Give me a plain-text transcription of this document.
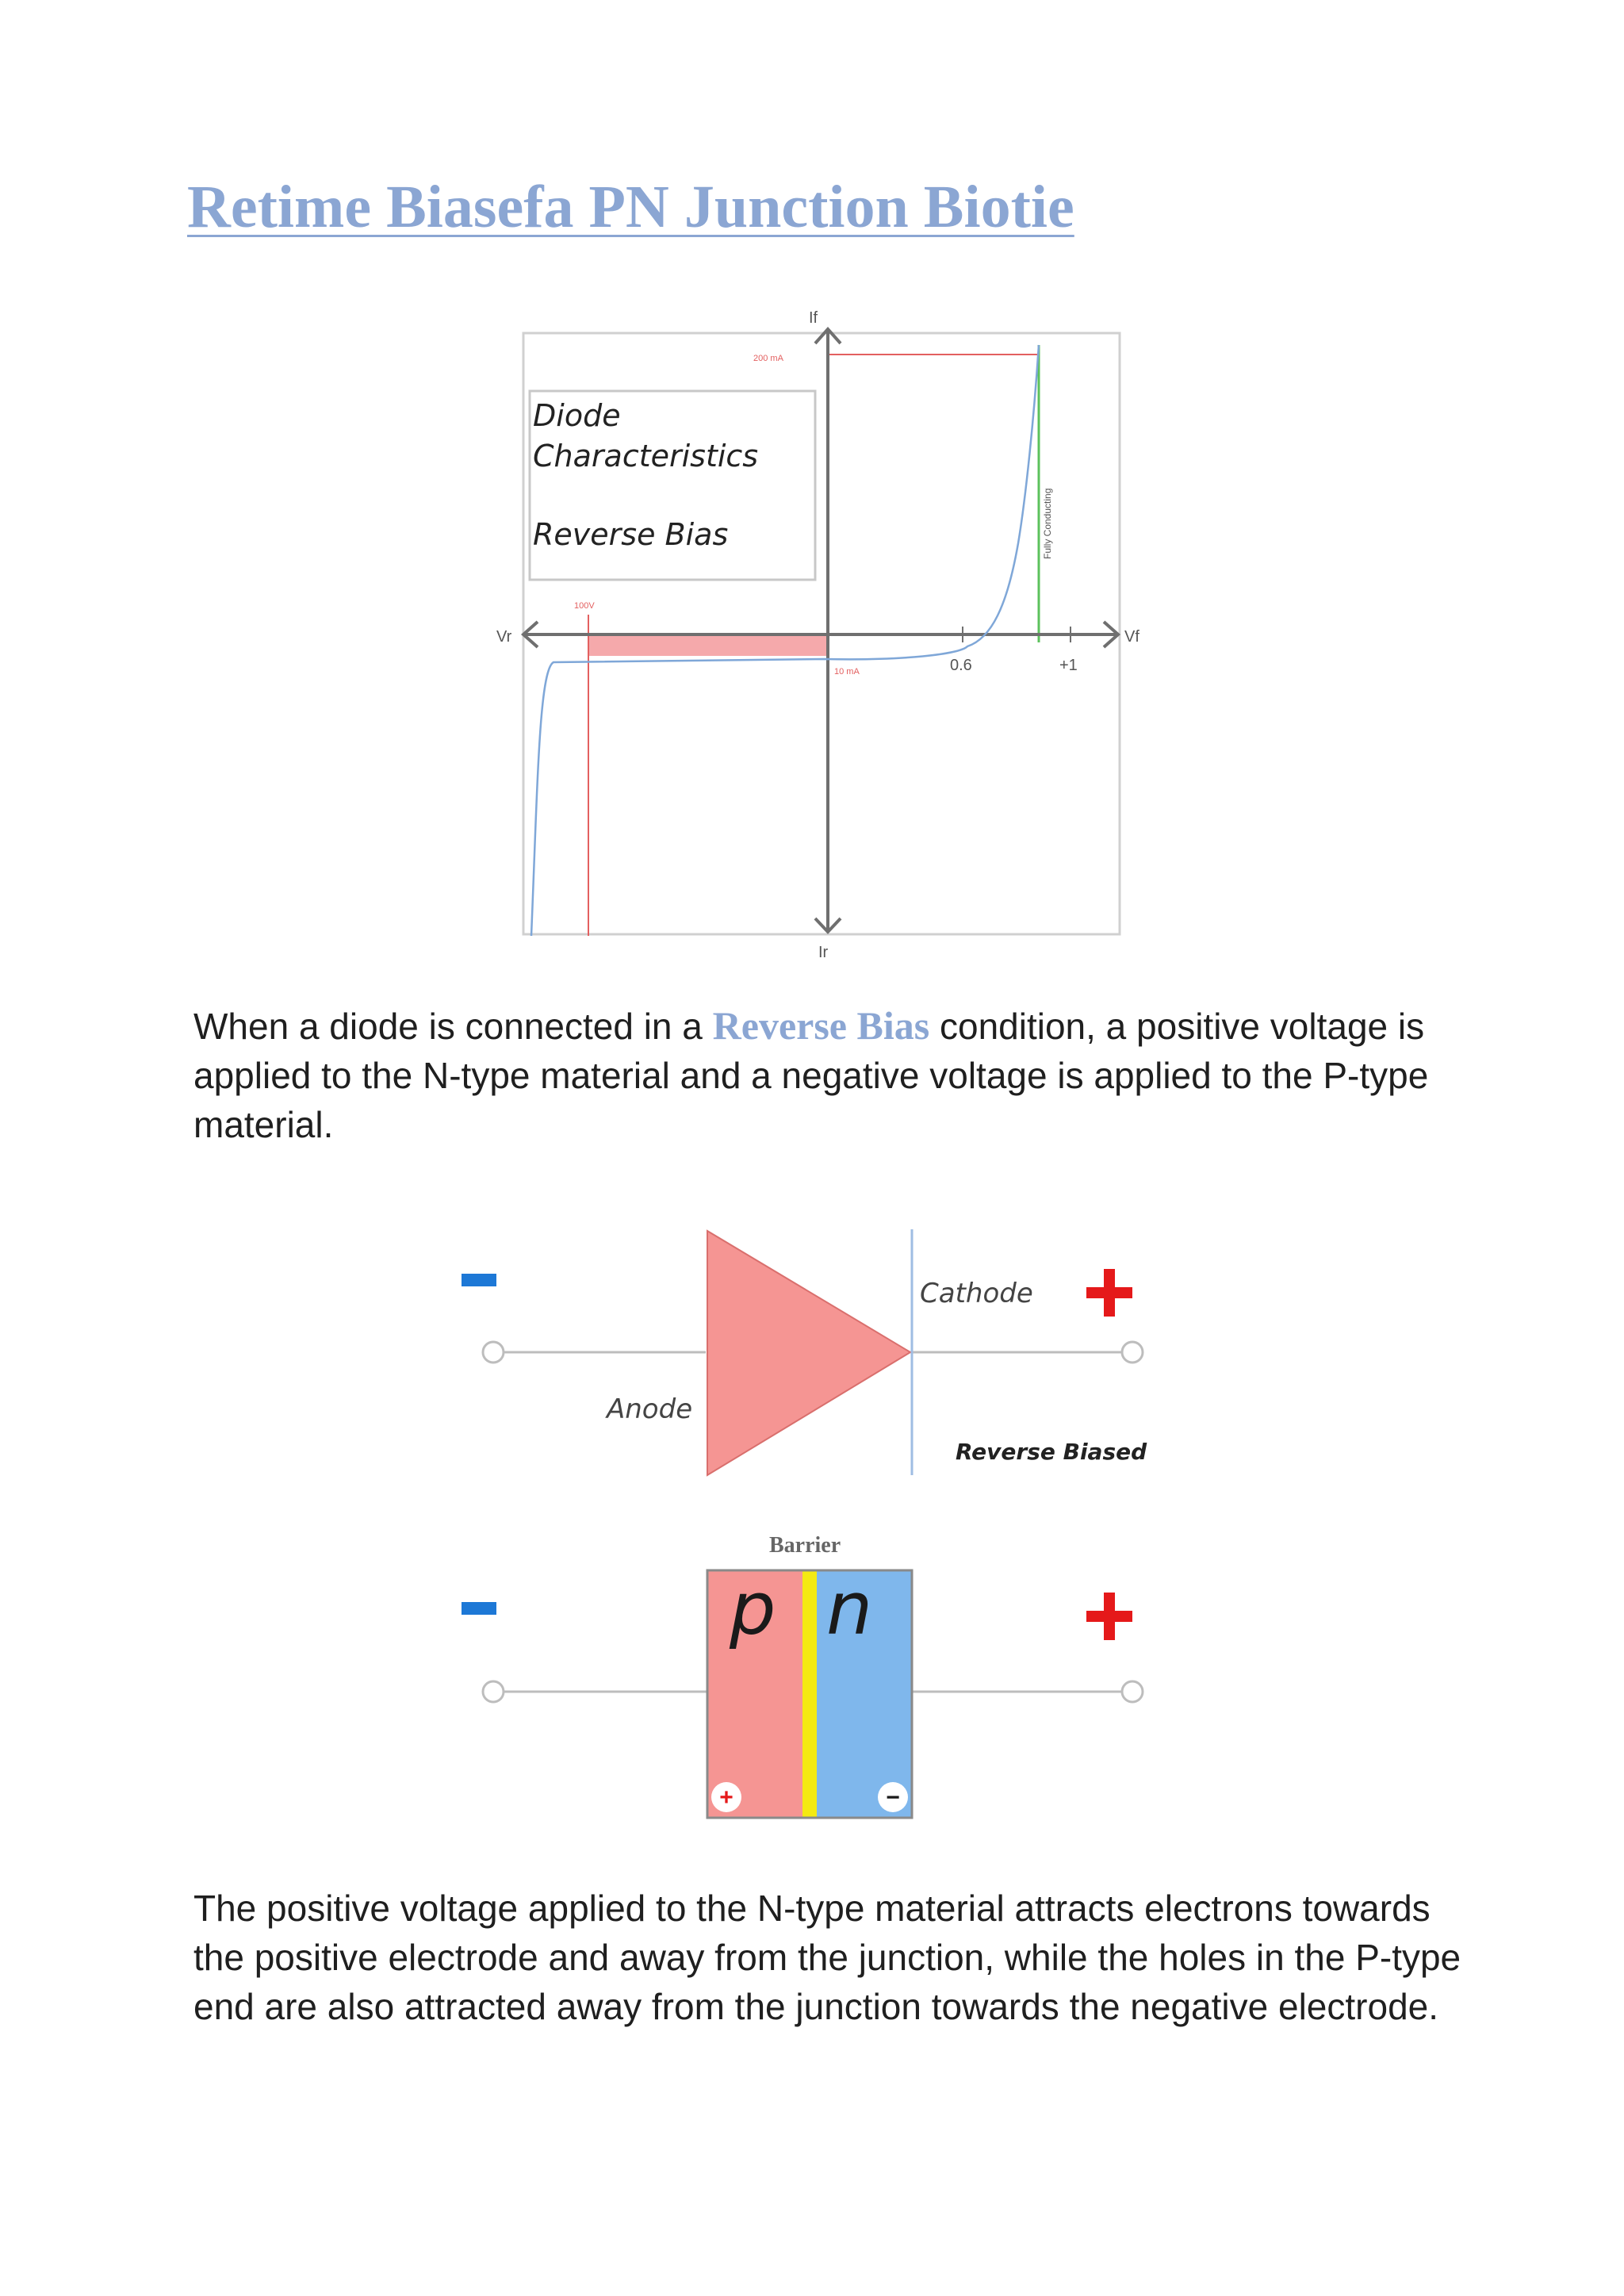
Retime Biasefa PN Junction Biotie
Diode
Characteristics
Reverse Bias
If
Ir
Vr	Vf
200 mA
100V
10 mA	0.6	+1
Fully Conducting

When a diode is connected in a Reverse Bias condition, a positive voltage is applied to the N-type material and a negative voltage is applied to the P-type material.

Anode
Cathode
Reverse Biased
Barrier
p n
+	−

The positive voltage applied to the N-type material attracts electrons towards the positive electrode and away from the junction, while the holes in the P-type end are also attracted away from the junction towards the negative electrode.
